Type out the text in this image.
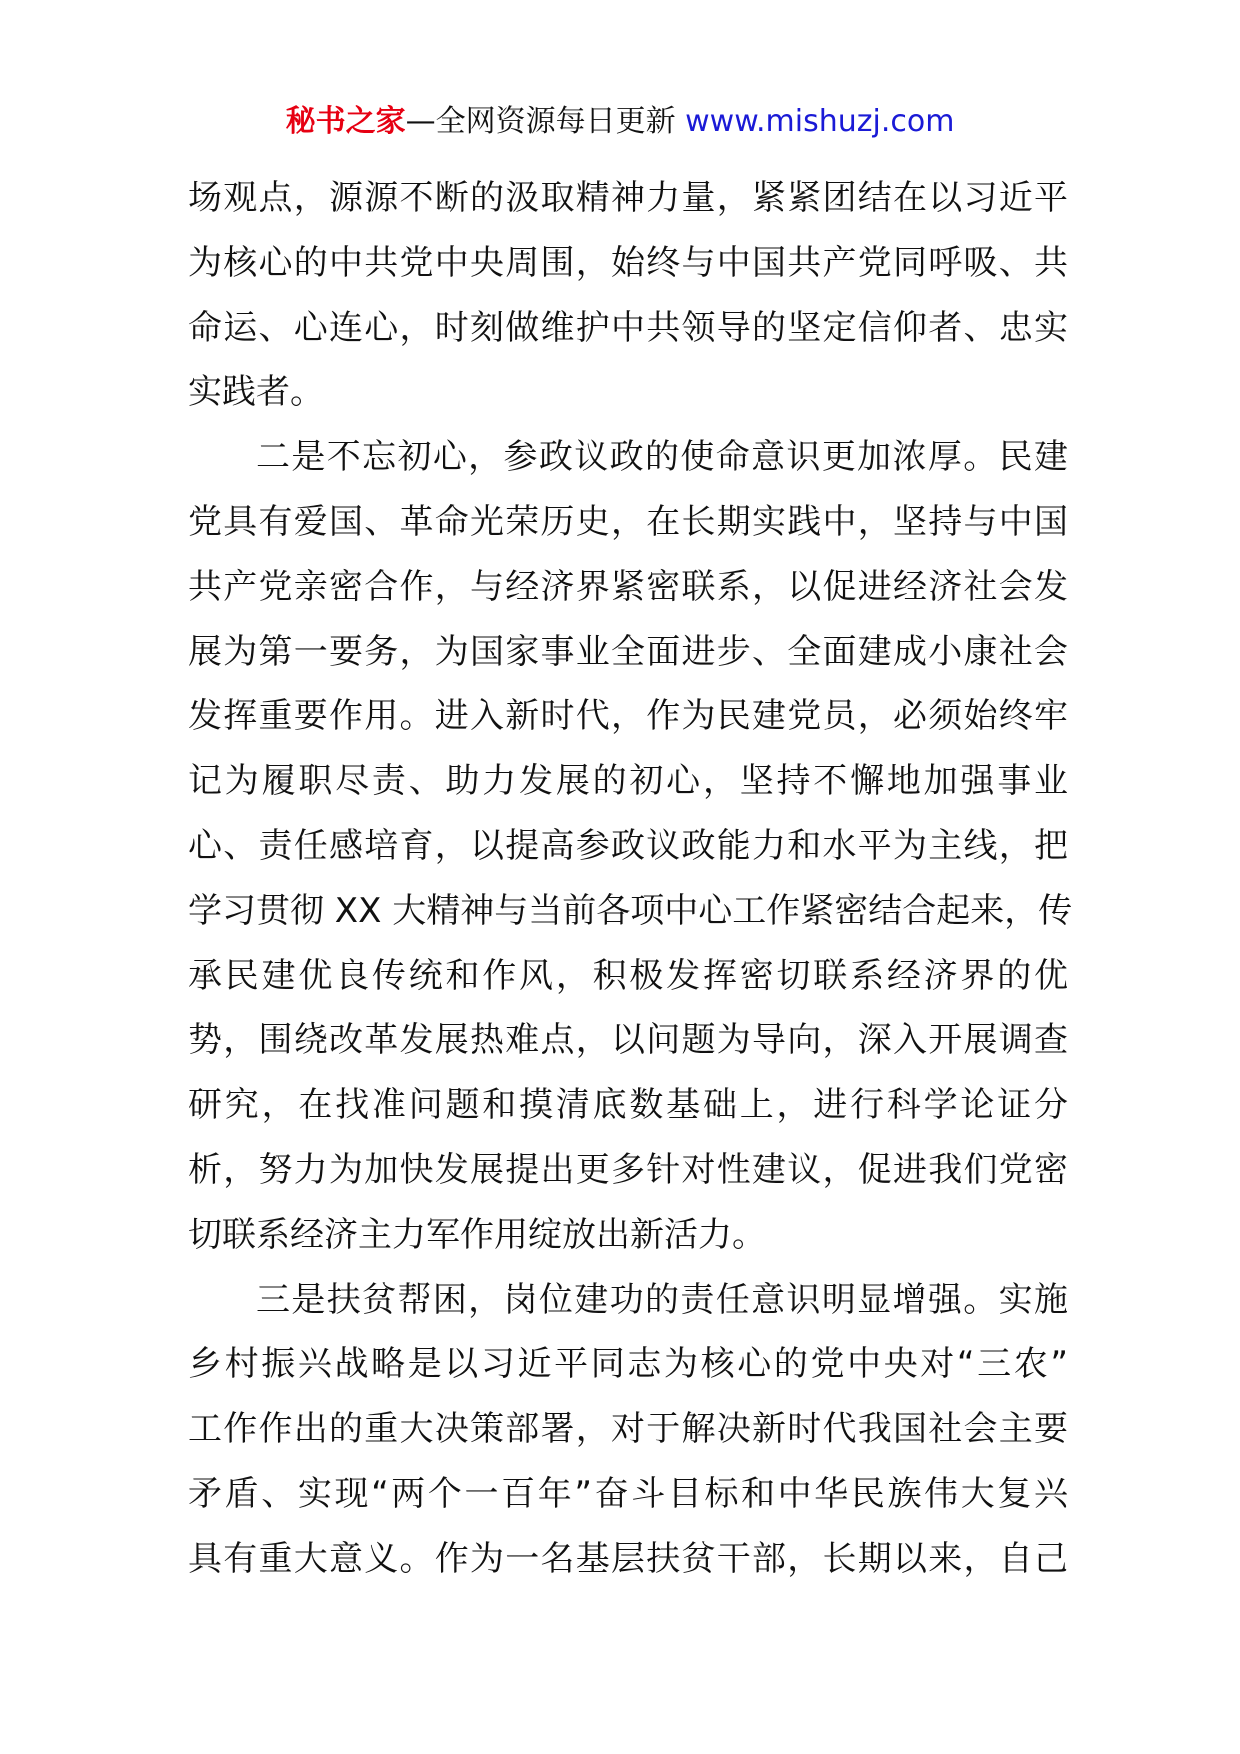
秘书之家—全网资源每日更新 www.mishuzj.com
场观点，源源不断的汲取精神力量，紧紧团结在以习近平
为核心的中共党中央周围，始终与中国共产党同呼吸、共
命运、心连心，时刻做维护中共领导的坚定信仰者、忠实
实践者。
二是不忘初心，参政议政的使命意识更加浓厚。民建
党具有爱国、革命光荣历史，在长期实践中，坚持与中国
共产党亲密合作，与经济界紧密联系，以促进经济社会发
展为第一要务，为国家事业全面进步、全面建成小康社会
发挥重要作用。进入新时代，作为民建党员，必须始终牢
记为履职尽责、助力发展的初心，坚持不懈地加强事业
心、责任感培育，以提高参政议政能力和水平为主线，把
学习贯彻 XX 大精神与当前各项中心工作紧密结合起来，传
承民建优良传统和作风，积极发挥密切联系经济界的优
势，围绕改革发展热难点，以问题为导向，深入开展调查
研究，在找准问题和摸清底数基础上，进行科学论证分
析，努力为加快发展提出更多针对性建议，促进我们党密
切联系经济主力军作用绽放出新活力。
三是扶贫帮困，岗位建功的责任意识明显增强。实施
乡村振兴战略是以习近平同志为核心的党中央对“三农”
工作作出的重大决策部署，对于解决新时代我国社会主要
矛盾、实现“两个一百年”奋斗目标和中华民族伟大复兴
具有重大意义。作为一名基层扶贫干部，长期以来，自己
